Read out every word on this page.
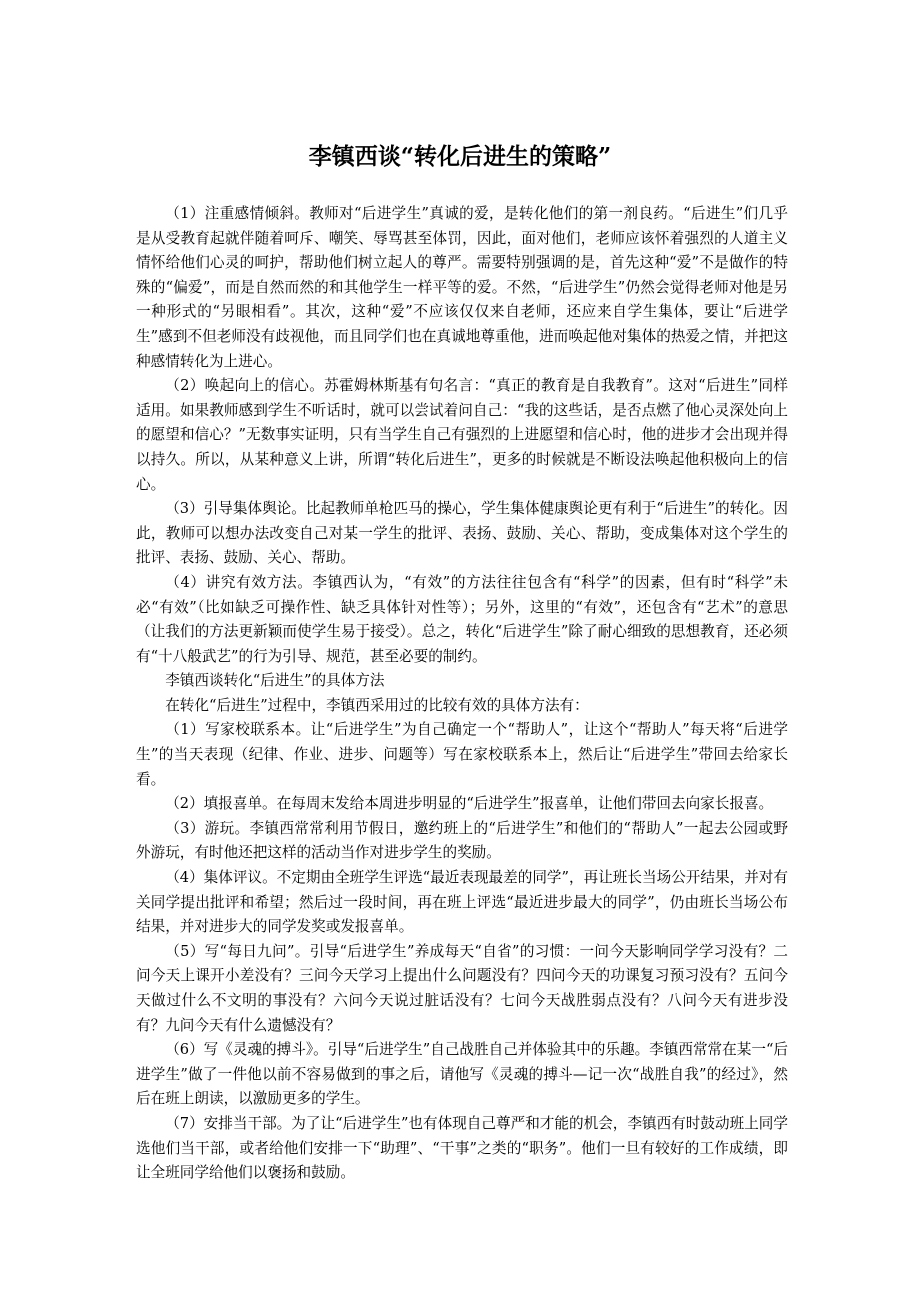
李镇西谈“转化后进生的策略”

（1）注重感情倾斜。教师对“后进学生”真诚的爱，是转化他们的第一剂良药。“后进生”们几乎是从受教育起就伴随着呵斥、嘲笑、辱骂甚至体罚，因此，面对他们，老师应该怀着强烈的人道主义情怀给他们心灵的呵护，帮助他们树立起人的尊严。需要特别强调的是，首先这种“爱”不是做作的特殊的“偏爱”，而是自然而然的和其他学生一样平等的爱。不然，“后进学生”仍然会觉得老师对他是另一种形式的“另眼相看”。其次，这种“爱”不应该仅仅来自老师，还应来自学生集体，要让“后进学生”感到不但老师没有歧视他，而且同学们也在真诚地尊重他，进而唤起他对集体的热爱之情，并把这种感情转化为上进心。

（2）唤起向上的信心。苏霍姆林斯基有句名言：“真正的教育是自我教育”。这对“后进生”同样适用。如果教师感到学生不听话时，就可以尝试着问自己：“我的这些话，是否点燃了他心灵深处向上的愿望和信心？”无数事实证明，只有当学生自己有强烈的上进愿望和信心时，他的进步才会出现并得以持久。所以，从某种意义上讲，所谓“转化后进生”，更多的时候就是不断设法唤起他积极向上的信心。

（3）引导集体舆论。比起教师单枪匹马的操心，学生集体健康舆论更有利于“后进生”的转化。因此，教师可以想办法改变自己对某一学生的批评、表扬、鼓励、关心、帮助，变成集体对这个学生的批评、表扬、鼓励、关心、帮助。

（4）讲究有效方法。李镇西认为，“有效”的方法往往包含有“科学”的因素，但有时“科学”未必“有效”（比如缺乏可操作性、缺乏具体针对性等）；另外，这里的“有效”，还包含有“艺术”的意思（让我们的方法更新颖而使学生易于接受）。总之，转化“后进学生”除了耐心细致的思想教育，还必须有“十八般武艺”的行为引导、规范，甚至必要的制约。

李镇西谈转化“后进生”的具体方法

在转化“后进生”过程中，李镇西采用过的比较有效的具体方法有：

（1）写家校联系本。让“后进学生”为自己确定一个“帮助人”，让这个“帮助人”每天将“后进学生”的当天表现（纪律、作业、进步、问题等）写在家校联系本上，然后让“后进学生”带回去给家长看。

（2）填报喜单。在每周末发给本周进步明显的“后进学生”报喜单，让他们带回去向家长报喜。

（3）游玩。李镇西常常利用节假日，邀约班上的“后进学生”和他们的“帮助人”一起去公园或野外游玩，有时他还把这样的活动当作对进步学生的奖励。

（4）集体评议。不定期由全班学生评选“最近表现最差的同学”，再让班长当场公开结果，并对有关同学提出批评和希望；然后过一段时间，再在班上评选“最近进步最大的同学”，仍由班长当场公布结果，并对进步大的同学发奖或发报喜单。

（5）写“每日九问”。引导“后进学生”养成每天“自省”的习惯：一问今天影响同学学习没有？二问今天上课开小差没有？三问今天学习上提出什么问题没有？四问今天的功课复习预习没有？五问今天做过什么不文明的事没有？六问今天说过脏话没有？七问今天战胜弱点没有？八问今天有进步没有？九问今天有什么遗憾没有？

（6）写《灵魂的搏斗》。引导“后进学生”自己战胜自己并体验其中的乐趣。李镇西常常在某一“后进学生”做了一件他以前不容易做到的事之后，请他写《灵魂的搏斗—记一次“战胜自我”的经过》，然后在班上朗读，以激励更多的学生。

（7）安排当干部。为了让“后进学生”也有体现自己尊严和才能的机会，李镇西有时鼓动班上同学选他们当干部，或者给他们安排一下“助理”、“干事”之类的“职务”。他们一旦有较好的工作成绩，即让全班同学给他们以褒扬和鼓励。
